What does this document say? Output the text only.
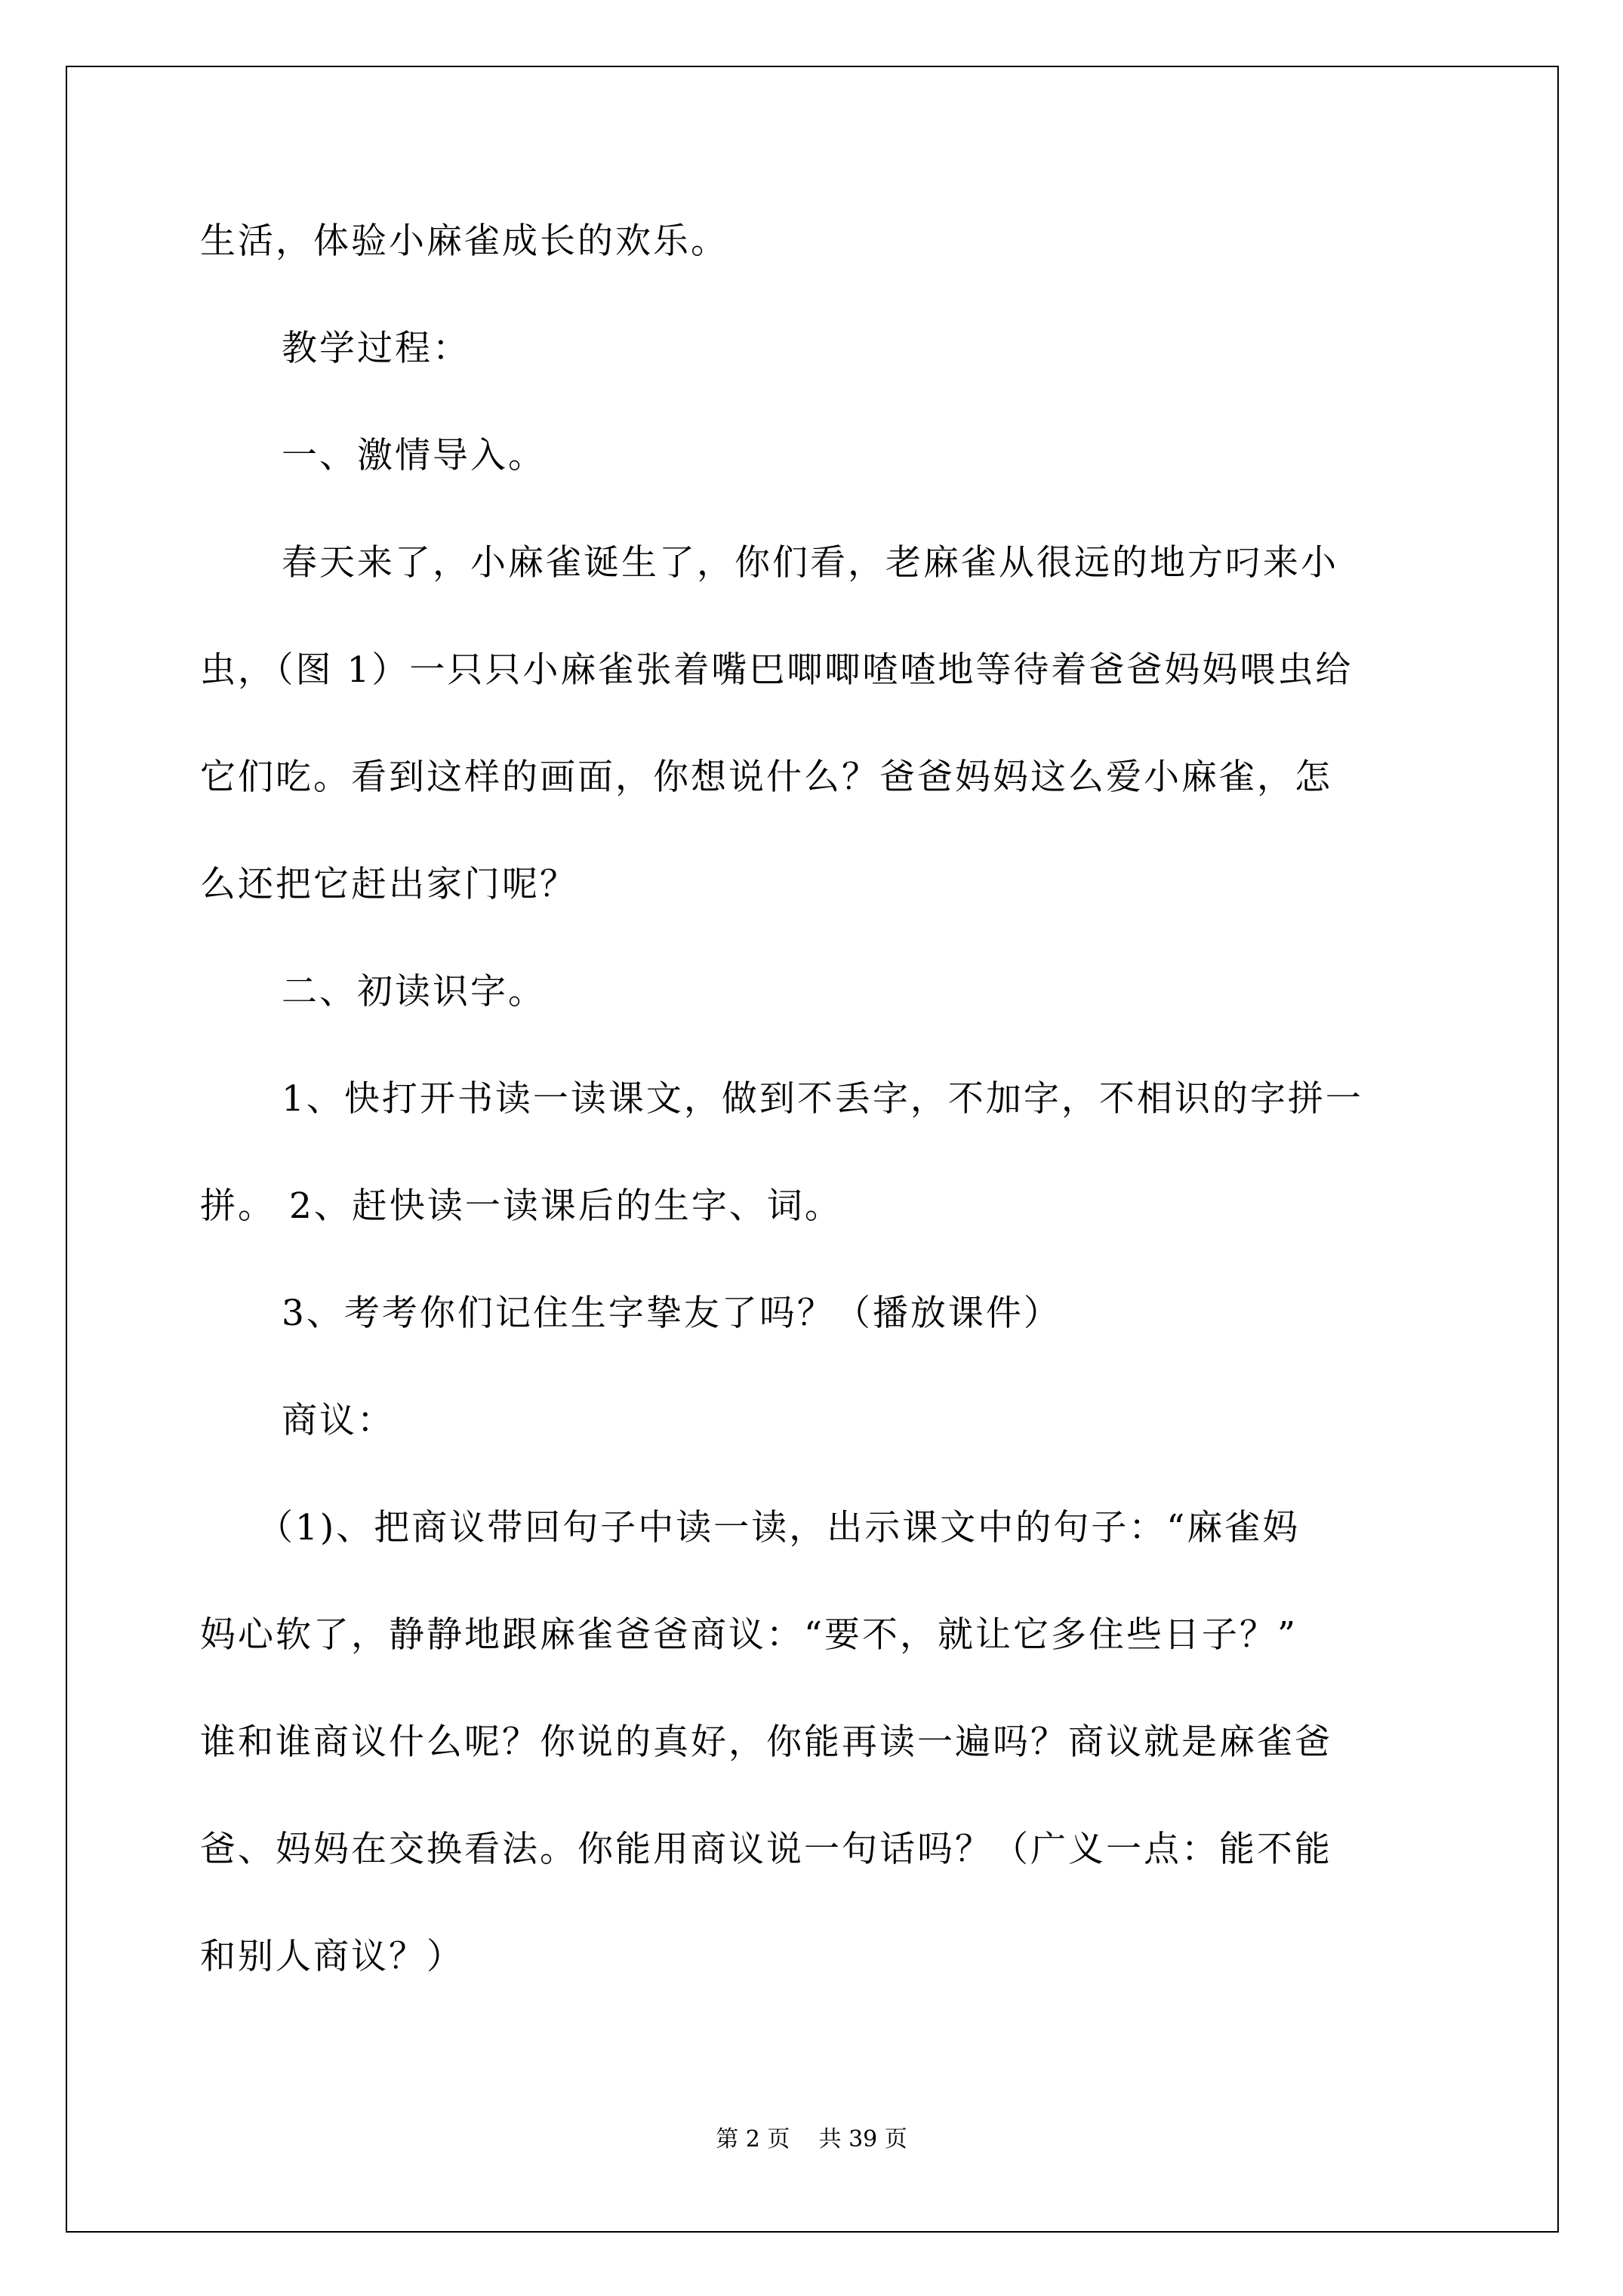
生活，体验小麻雀成长的欢乐。
教学过程：
一、激情导入。
春天来了，小麻雀诞生了，你们看，老麻雀从很远的地方叼来小
虫，（图 1）一只只小麻雀张着嘴巴唧唧喳喳地等待着爸爸妈妈喂虫给
它们吃。看到这样的画面，你想说什么？爸爸妈妈这么爱小麻雀，怎
么还把它赶出家门呢？
二、初读识字。
1、快打开书读一读课文，做到不丢字，不加字，不相识的字拼一
拼。 2、赶快读一读课后的生字、词。
3、考考你们记住生字挚友了吗？（播放课件）
商议：
（1)、把商议带回句子中读一读，出示课文中的句子：“麻雀妈
妈心软了，静静地跟麻雀爸爸商议：“要不，就让它多住些日子？”
谁和谁商议什么呢？你说的真好，你能再读一遍吗？商议就是麻雀爸
爸、妈妈在交换看法。你能用商议说一句话吗？（广义一点：能不能
和别人商议？）
第 2 页 共 39 页
